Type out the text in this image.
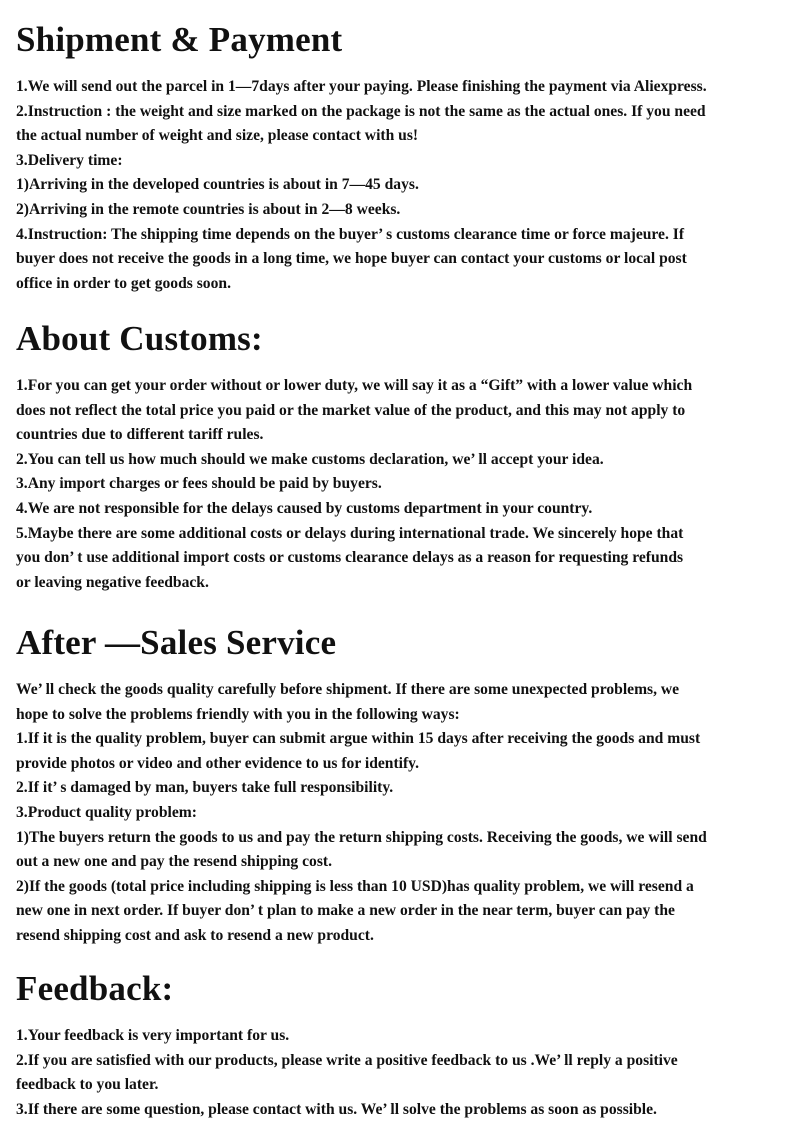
Shipment & Payment

1.We will send out the parcel in 1—7days after your paying. Please finishing the payment via Aliexpress.

2.Instruction : the weight and size marked on the package is not the same as the actual ones. If you need

the actual number of weight and size, please contact with us!

3.Delivery time:

1)Arriving in the developed countries is about in 7—45 days.

2)Arriving in the remote countries is about in 2—8 weeks.

4.Instruction: The shipping time depends on the buyer’ s customs clearance time or force majeure. If

buyer does not receive the goods in a long time, we hope buyer can contact your customs or local post

office in order to get goods soon.

About Customs:

1.For you can get your order without or lower duty, we will say it as a “Gift” with a lower value which

does not reflect the total price you paid or the market value of the product, and this may not apply to

countries due to different tariff rules.

2.You can tell us how much should we make customs declaration, we’ ll accept your idea.

3.Any import charges or fees should be paid by buyers.

4.We are not responsible for the delays caused by customs department in your country.

5.Maybe there are some additional costs or delays during international trade. We sincerely hope that

you don’ t use additional import costs or customs clearance delays as a reason for requesting refunds

or leaving negative feedback.

After —Sales Service

We’ ll check the goods quality carefully before shipment. If there are some unexpected problems, we

hope to solve the problems friendly with you in the following ways:

1.If it is the quality problem, buyer can submit argue within 15 days after receiving the goods and must

provide photos or video and other evidence to us for identify.

2.If it’ s damaged by man, buyers take full responsibility.

3.Product quality problem:

1)The buyers return the goods to us and pay the return shipping costs. Receiving the goods, we will send

out a new one and pay the resend shipping cost.

2)If the goods (total price including shipping is less than 10 USD)has quality problem, we will resend a

new one in next order. If buyer don’ t plan to make a new order in the near term, buyer can pay the

resend shipping cost and ask to resend a new product.

Feedback:

1.Your feedback is very important for us.

2.If you are satisfied with our products, please write a positive feedback to us .We’ ll reply a positive

feedback to you later.

3.If there are some question, please contact with us. We’ ll solve the problems as soon as possible.
